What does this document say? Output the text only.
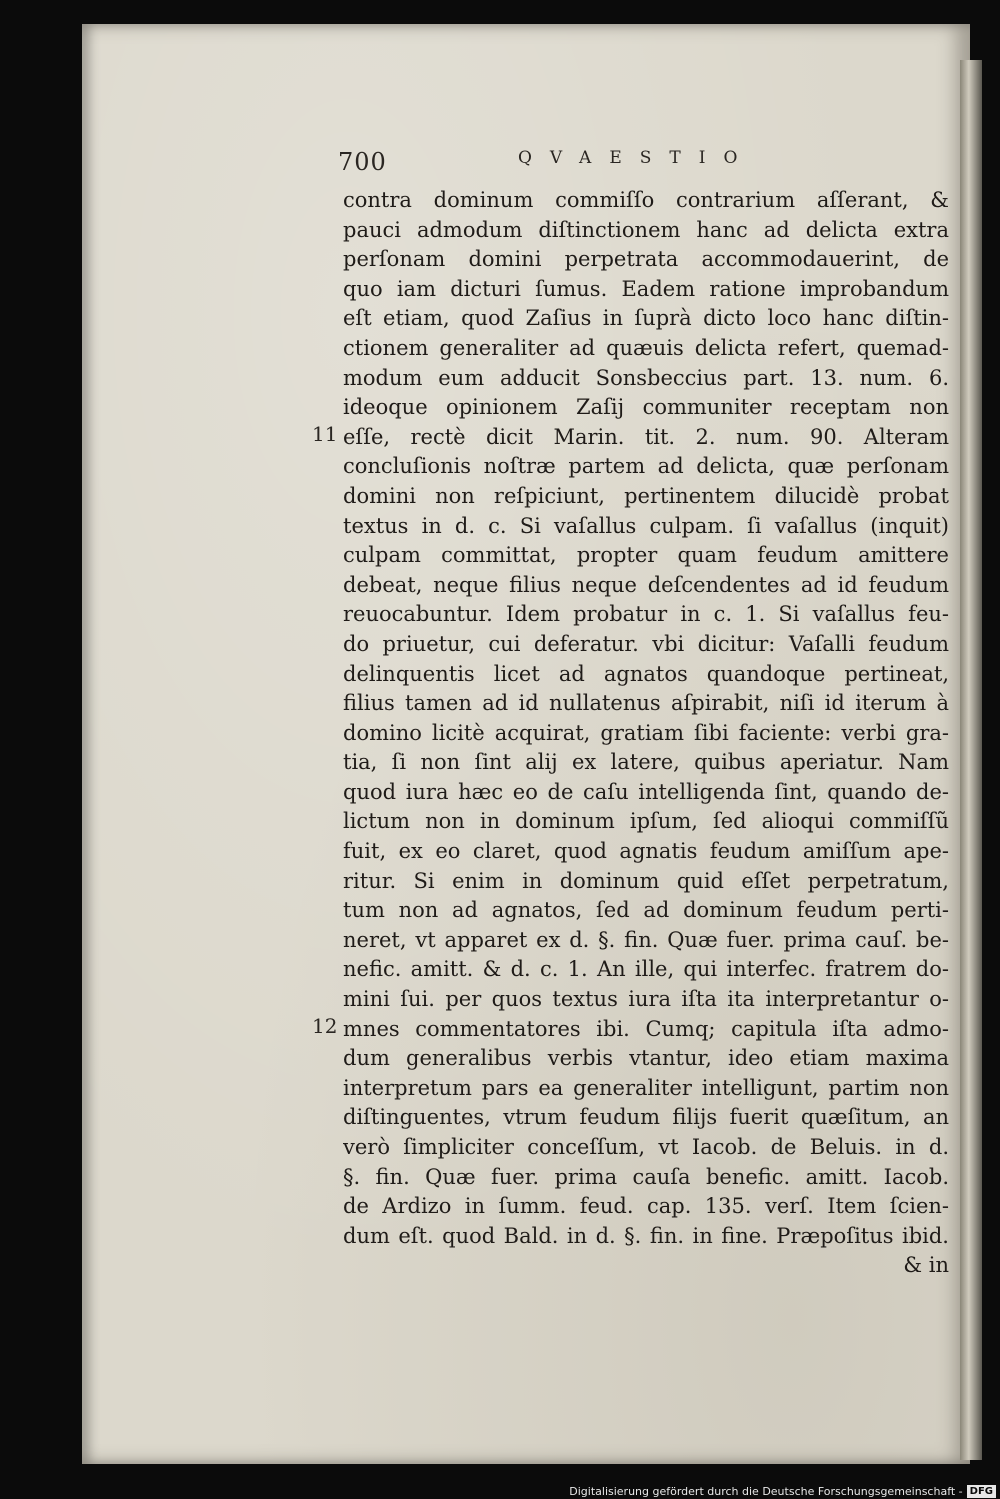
700	QVAESTIO
11
12
contra dominum commiſſo contrarium aſſerant, &
pauci admodum diſtinctionem hanc ad delicta extra
perſonam domini perpetrata accommodauerint, de
quo iam dicturi ſumus. Eadem ratione improbandum
eſt etiam, quod Zaſius in ſuprà dicto loco hanc diſtin-
ctionem generaliter ad quæuis delicta refert, quemad-
modum eum adducit Sonsbeccius part. 13. num. 6.
ideoque opinionem Zaſij communiter receptam non
eſſe, rectè dicit Marin. tit. 2. num. 90. Alteram
concluſionis noſtræ partem ad delicta, quæ perſonam
domini non reſpiciunt, pertinentem dilucidè probat
textus in d. c. Si vaſallus culpam. ſi vaſallus (inquit)
culpam committat, propter quam feudum amittere
debeat, neque filius neque deſcendentes ad id feudum
reuocabuntur. Idem probatur in c. 1. Si vaſallus feu-
do priuetur, cui deferatur. vbi dicitur: Vaſalli feudum
delinquentis licet ad agnatos quandoque pertineat,
filius tamen ad id nullatenus aſpirabit, niſi id iterum à
domino licitè acquirat, gratiam ſibi faciente: verbi gra-
tia, ſi non ſint alij ex latere, quibus aperiatur. Nam
quod iura hæc eo de caſu intelligenda ſint, quando de-
lictum non in dominum ipſum, ſed alioqui commiſſũ
fuit, ex eo claret, quod agnatis feudum amiſſum ape-
ritur. Si enim in dominum quid eſſet perpetratum,
tum non ad agnatos, ſed ad dominum feudum perti-
neret, vt apparet ex d. §. fin. Quæ fuer. prima cauſ. be-
nefic. amitt. & d. c. 1. An ille, qui interfec. fratrem do-
mini ſui. per quos textus iura iſta ita interpretantur o-
mnes commentatores ibi. Cumq; capitula iſta admo-
dum generalibus verbis vtantur, ideo etiam maxima
interpretum pars ea generaliter intelligunt, partim non
diſtinguentes, vtrum feudum filijs fuerit quæſitum, an
verò ſimpliciter conceſſum, vt Iacob. de Beluis. in d.
§. fin. Quæ fuer. prima cauſa benefic. amitt. Iacob.
de Ardizo in ſumm. feud. cap. 135. verſ. Item ſcien-
dum eſt. quod Bald. in d. §. fin. in fine. Præpoſitus ibid.
& in
Digitalisierung gefördert durch die Deutsche Forschungsgemeinschaft - DFG
